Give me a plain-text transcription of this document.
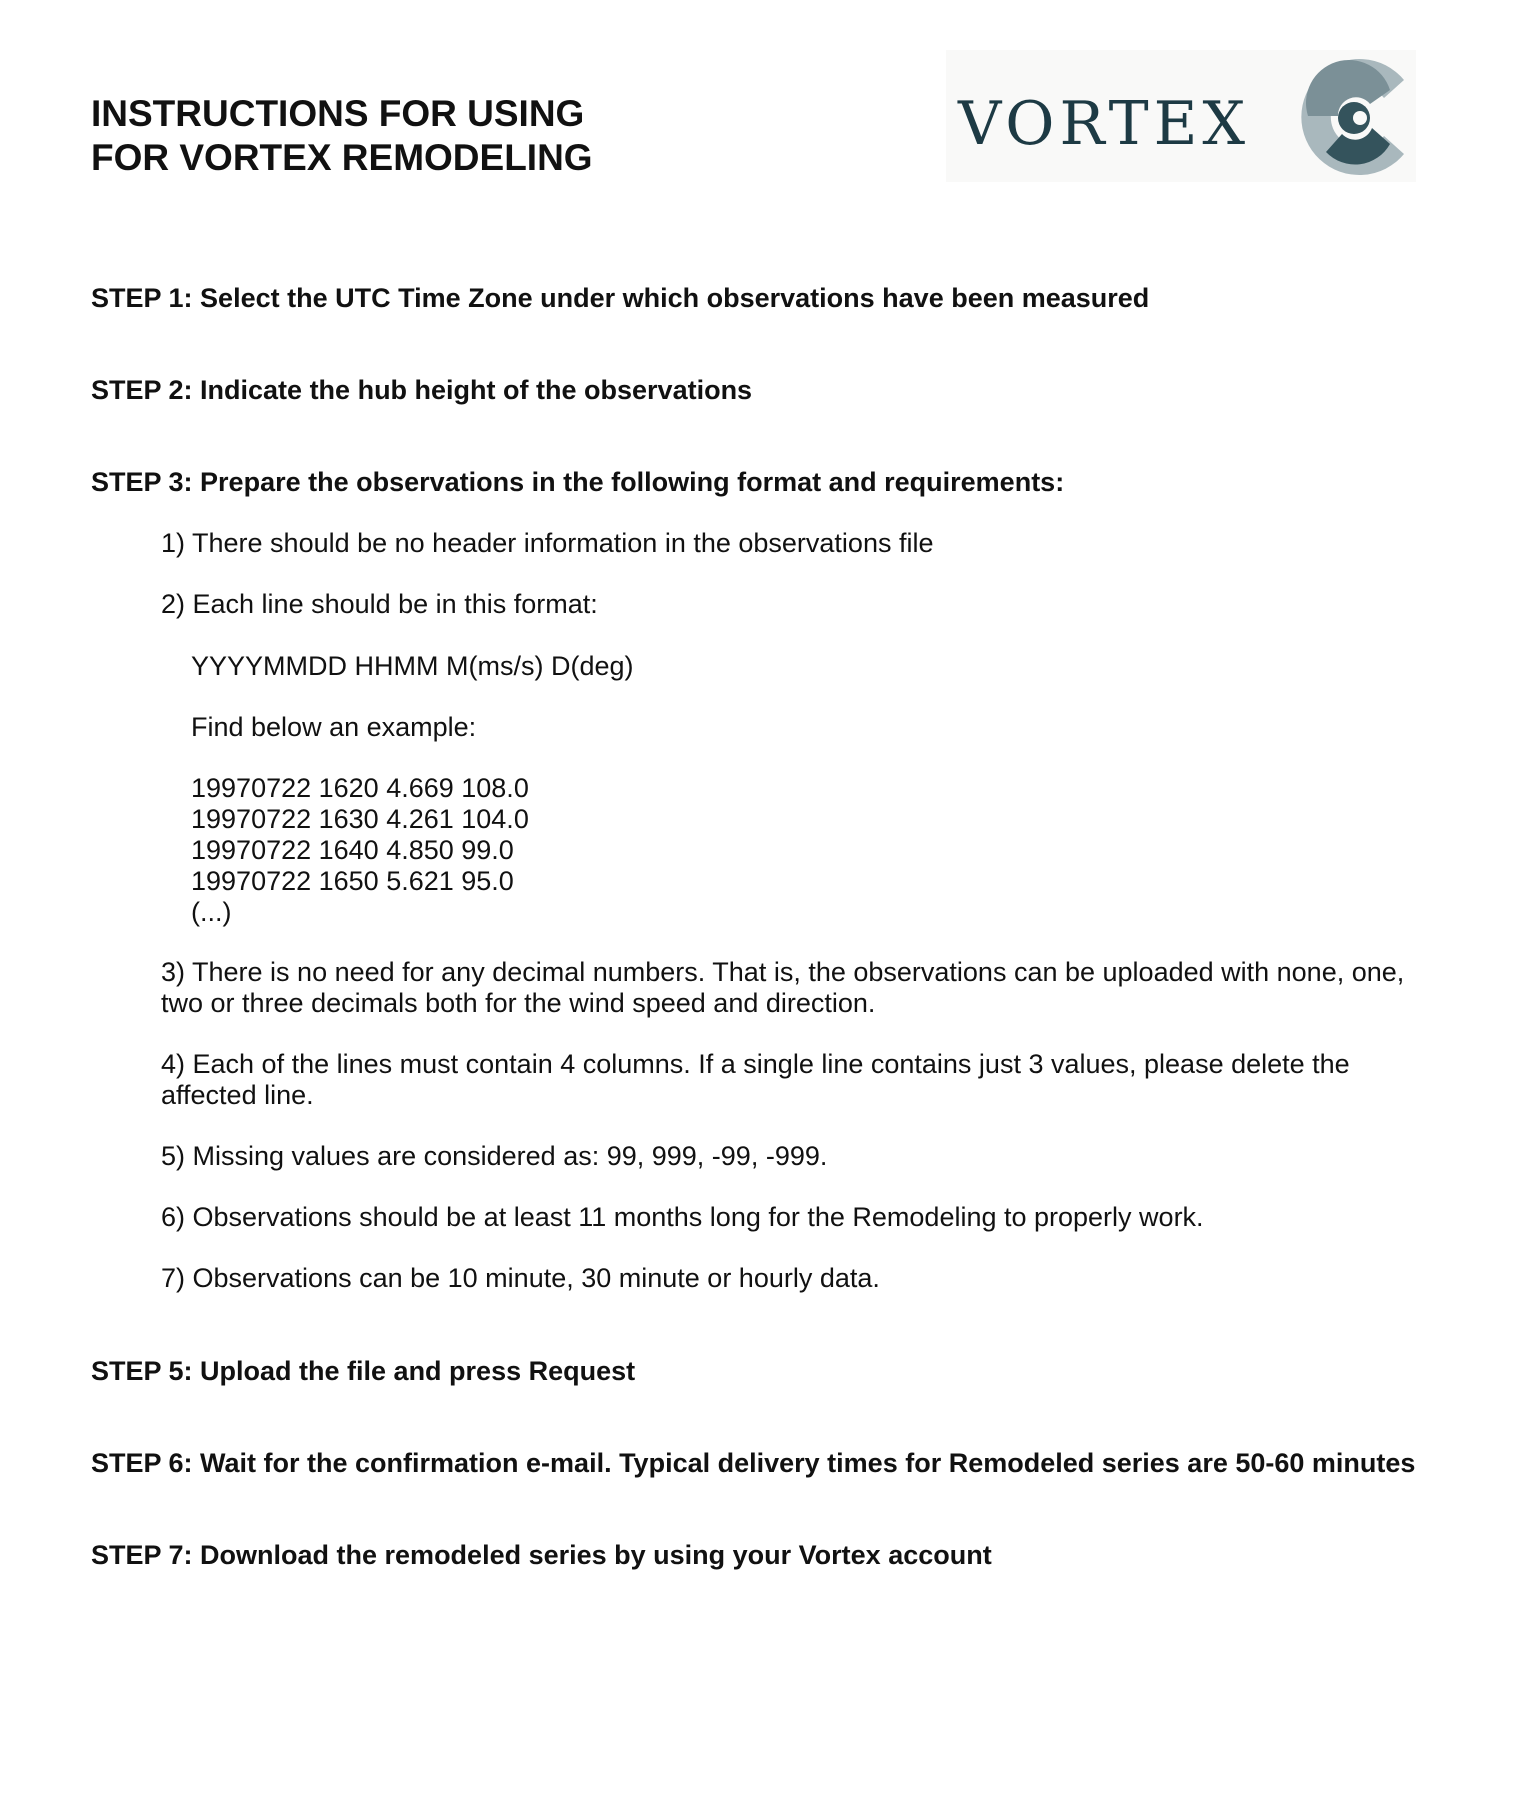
INSTRUCTIONS FOR USING
FOR VORTEX REMODELING	VORTEX

STEP 1: Select the UTC Time Zone under which observations have been measured

STEP 2: Indicate the hub height of the observations

STEP 3: Prepare the observations in the following format and requirements:

1) There should be no header information in the observations file

2) Each line should be in this format:

YYYYMMDD HHMM M(ms/s) D(deg)

Find below an example:

19970722 1620 4.669 108.0
19970722 1630 4.261 104.0
19970722 1640 4.850 99.0
19970722 1650 5.621 95.0
(...)

3) There is no need for any decimal numbers. That is, the observations can be uploaded with none, one, two or three decimals both for the wind speed and direction.

4) Each of the lines must contain 4 columns. If a single line contains just 3 values, please delete the affected line.

5) Missing values are considered as: 99, 999, -99, -999.

6) Observations should be at least 11 months long for the Remodeling to properly work.

7) Observations can be 10 minute, 30 minute or hourly data.

STEP 5: Upload the file and press Request

STEP 6: Wait for the confirmation e-mail. Typical delivery times for Remodeled series are 50-60 minutes

STEP 7: Download the remodeled series by using your Vortex account
